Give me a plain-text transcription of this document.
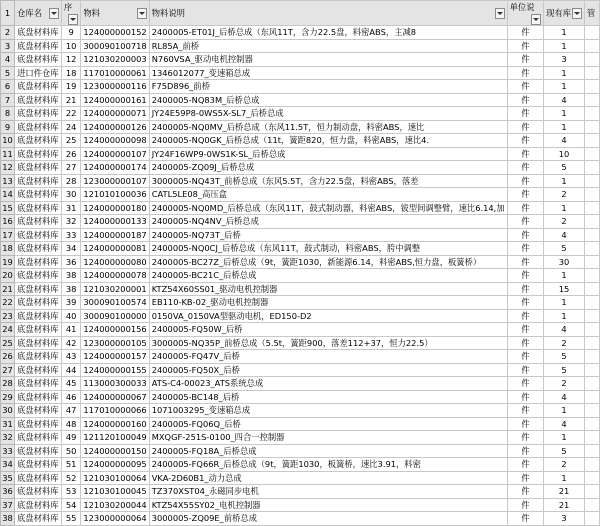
1	仓库名	序	物料	物料说明	单位说	现有库	管
2	底盘材料库	9	124000000152	2400005-ET01J_后桥总成（东风11T，含力22.5盘，料密ABS，主减8	件	1	
3	底盘材料库	10	300090100718	RL85A_前桥	件	1	
4	底盘材料库	12	121030200003	N760VSA_驱动电机控制器	件	3	
5	进口件仓库	18	117010000061	1346012077_变速箱总成	件	1	
6	底盘材料库	19	123000000116	F75D896_前桥	件	1	
7	底盘材料库	21	124000000161	2400005-NQ83M_后桥总成	件	4	
8	底盘材料库	22	124000000071	JY24E59P8-0WS5X-SL7_后桥总成	件	1	
9	底盘材料库	24	124000000126	2400005-NQ0MV_后桥总成（东风11.5T，恒力制动盘，料密ABS，速比	件	1	
10	底盘材料库	25	124000000098	2400005-NQ0GK_后桥总成（11t，簧距820，恒力盘，料密ABS，速比4.	件	4	
11	底盘材料库	26	124000000107	JY24F16WP9-0WS1K-SL_后桥总成	件	10	
12	底盘材料库	27	124000000174	2400005-ZQ09J_后桥总成	件	5	
13	底盘材料库	28	123000000107	3000005-NQ43T_前桥总成（东风5.5T，含力22.5盘，料密ABS，落差	件	1	
14	底盘材料库	30	121010100036	CATL5LE08_高压盒	件	2	
15	底盘材料库	31	124000000180	2400005-NQ0MD_后桥总成（东风11T，鼓式制动器，料密ABS，钹型间调整臂，速比6.14,加	件	1	
16	底盘材料库	32	124000000133	2400005-NQ4NV_后桥总成	件	2	
17	底盘材料库	33	124000000187	2400005-NQ73T_后桥	件	4	
18	底盘材料库	34	124000000081	2400005-NQ0CJ_后桥总成（东风11T，鼓式制动，料密ABS，胯中调整	件	5	
19	底盘材料库	36	124000000080	2400005-BC27Z_后桥总成（9t，簧距1030，新能源6.14，料密ABS,恒力盘，板簧桥）	件	30	
20	底盘材料库	38	124000000078	2400005-BC21C_后桥总成	件	1	
21	底盘材料库	38	121030200001	KTZ54X60SS01_驱动电机控制器	件	15	
22	底盘材料库	39	300090100574	EB110-KB-02_驱动电机控制器	件	1	
23	底盘材料库	40	300090100000	0150VA_0150VA型驱动电机，ED150-D2	件	1	
24	底盘材料库	41	124000000156	2400005-FQ50W_后桥	件	4	
25	底盘材料库	42	123000000105	3000005-NQ35P_前桥总成（5.5t，簧距900，落差112+37，恒力22.5）	件	2	
26	底盘材料库	43	124000000157	2400005-FQ47V_后桥	件	5	
27	底盘材料库	44	124000000155	2400005-FQ50X_后桥	件	5	
28	底盘材料库	45	113000300033	ATS-C4-00023_ATS系统总成	件	2	
29	底盘材料库	46	124000000067	2400005-BC148_后桥	件	4	
30	底盘材料库	47	117010000066	1071003295_变速箱总成	件	1	
31	底盘材料库	48	124000000160	2400005-FQ06Q_后桥	件	4	
32	底盘材料库	49	121120100049	MXQGF-251S-0100_四合一控制器	件	1	
33	底盘材料库	50	124000000150	2400005-FQ18A_后桥总成	件	5	
34	底盘材料库	51	124000000095	2400005-FQ66R_后桥总成（9t，簧距1030，板簧桥，速比3.91，料密	件	2	
35	底盘材料库	52	121030100064	VKA-2D60B1_动力总成	件	1	
36	底盘材料库	53	121030100045	TZ370XST04_永磁同步电机	件	21	
37	底盘材料库	54	121030200044	KTZ54X55SY02_电机控制器	件	21	
38	底盘材料库	55	123000000064	3000005-ZQ09E_前桥总成	件	3	
